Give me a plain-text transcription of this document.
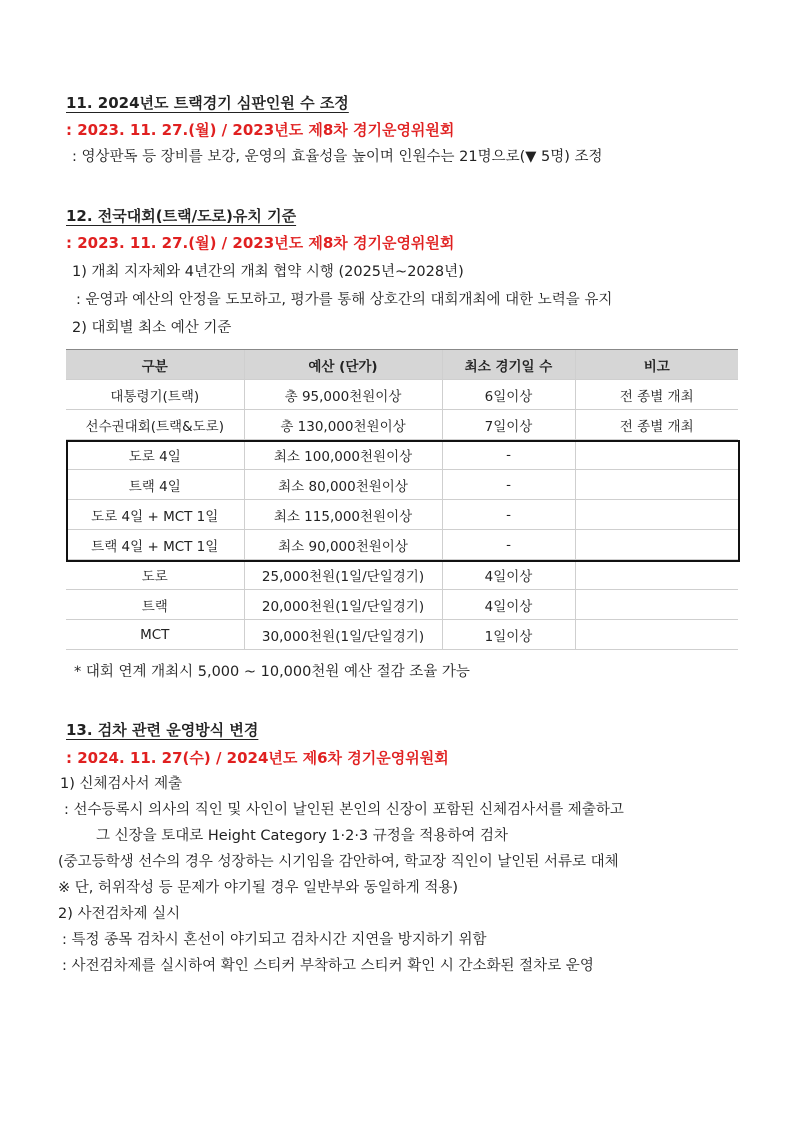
11. 2024년도 트랙경기 심판인원 수 조정
: 2023. 11. 27.(월) / 2023년도 제8차 경기운영위원회
: 영상판독 등 장비를 보강, 운영의 효율성을 높이며 인원수는 21명으로(▼ 5명) 조정
12. 전국대회(트랙/도로)유치 기준
: 2023. 11. 27.(월) / 2023년도 제8차 경기운영위원회
1) 개최 지자체와 4년간의 개최 협약 시행 (2025년~2028년)
: 운영과 예산의 안정을 도모하고, 평가를 통해 상호간의 대회개최에 대한 노력을 유지
2) 대회별 최소 예산 기준
구분	예산 (단가)	최소 경기일 수	비고
대통령기(트랙)	총 95,000천원이상	6일이상	전 종별 개최
선수권대회(트랙&도로)	총 130,000천원이상	7일이상	전 종별 개최
도로 4일	최소 100,000천원이상	-	
트랙 4일	최소 80,000천원이상	-	
도로 4일 + MCT 1일	최소 115,000천원이상	-	
트랙 4일 + MCT 1일	최소 90,000천원이상	-	
도로	25,000천원(1일/단일경기)	4일이상	
트랙	20,000천원(1일/단일경기)	4일이상	
MCT	30,000천원(1일/단일경기)	1일이상	
* 대회 연계 개최시 5,000 ~ 10,000천원 예산 절감 조율 가능
13. 검차 관련 운영방식 변경
: 2024. 11. 27(수) / 2024년도 제6차 경기운영위원회
1) 신체검사서 제출
: 선수등록시 의사의 직인 및 사인이 날인된 본인의 신장이 포함된 신체검사서를 제출하고
그 신장을 토대로 Height Category 1·2·3 규정을 적용하여 검차
(중고등학생 선수의 경우 성장하는 시기임을 감안하여, 학교장 직인이 날인된 서류로 대체
※ 단, 허위작성 등 문제가 야기될 경우 일반부와 동일하게 적용)
2) 사전검차제 실시
: 특정 종목 검차시 혼선이 야기되고 검차시간 지연을 방지하기 위함
: 사전검차제를 실시하여 확인 스티커 부착하고 스티커 확인 시 간소화된 절차로 운영
